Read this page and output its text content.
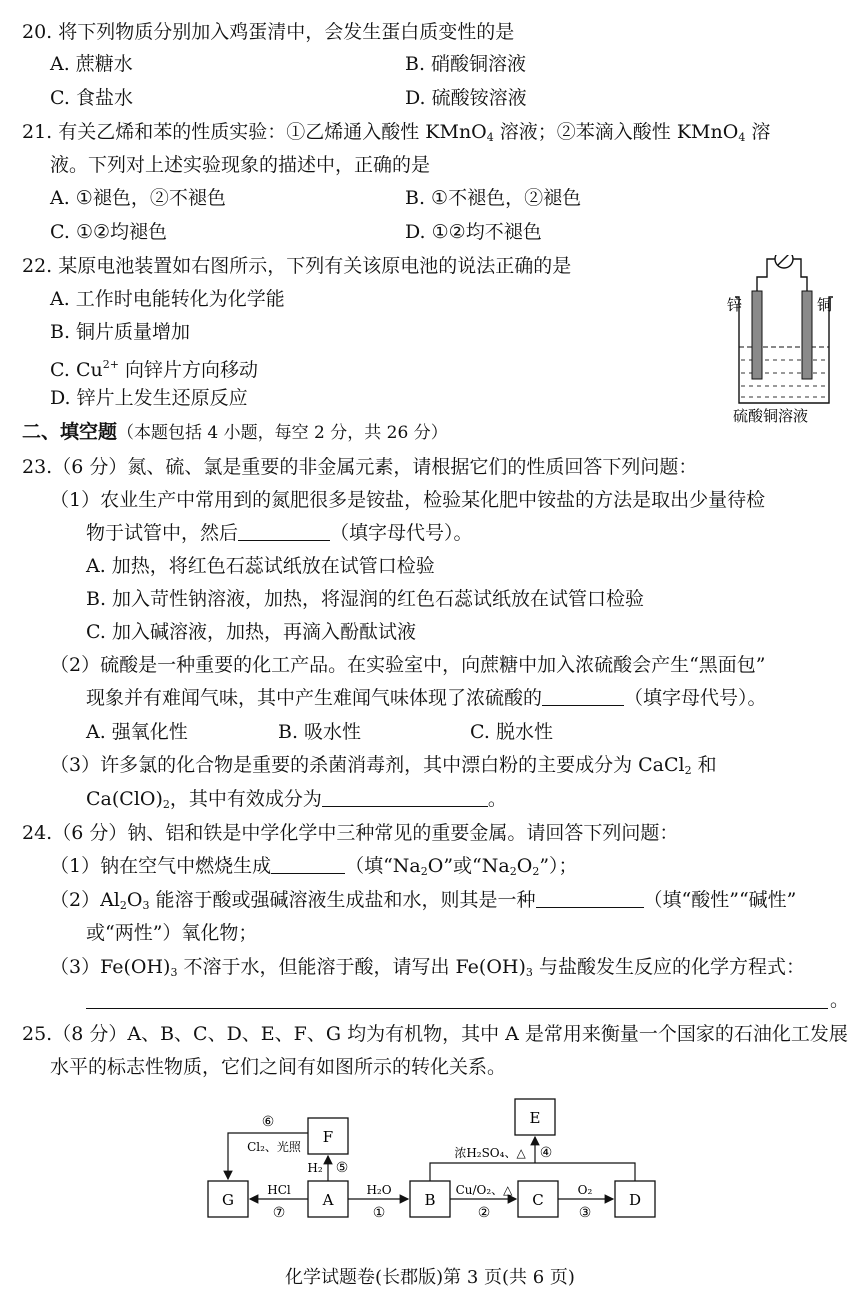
20. 将下列物质分别加入鸡蛋清中，会发生蛋白质变性的是
A. 蔗糖水	B. 硝酸铜溶液
C. 食盐水	D. 硫酸铵溶液
21. 有关乙烯和苯的性质实验：①乙烯通入酸性 KMnO$_4$ 溶液；②苯滴入酸性 KMnO$_4$ 溶
液。下列对上述实验现象的描述中，正确的是
A. ①褪色，②不褪色	B. ①不褪色，②褪色
C. ①②均褪色	D. ①②均不褪色
22. 某原电池装置如右图所示，下列有关该原电池的说法正确的是
A. 工作时电能转化为化学能
B. 铜片质量增加
C. $Cu^{2+}$ 向锌片方向移动
D. 锌片上发生还原反应
锌	铜
硫酸铜溶液
二、填空题（本题包括 4 小题，每空 2 分，共 26 分）
23.（6 分）氮、硫、氯是重要的非金属元素，请根据它们的性质回答下列问题：
（1）农业生产中常用到的氮肥很多是铵盐，检验某化肥中铵盐的方法是取出少量待检
物于试管中，然后	（填字母代号）。
A. 加热，将红色石蕊试纸放在试管口检验
B. 加入苛性钠溶液，加热，将湿润的红色石蕊试纸放在试管口检验
C. 加入碱溶液，加热，再滴入酚酞试液
（2）硫酸是一种重要的化工产品。在实验室中，向蔗糖中加入浓硫酸会产生“黑面包”
现象并有难闻气味，其中产生难闻气味体现了浓硫酸的	（填字母代号）。
A. 强氧化性	B. 吸水性	C. 脱水性
（3）许多氯的化合物是重要的杀菌消毒剂，其中漂白粉的主要成分为 CaCl$_2$ 和
$Ca(ClO)_2$，其中有效成分为	。
24.（6 分）钠、铝和铁是中学化学中三种常见的重要金属。请回答下列问题：
（1）钠在空气中燃烧生成	（填“$Na_2O$”或“$Na_2O_2$”）；
$(2)Al_2O_3$ 能溶于酸或强碱溶液生成盐和水，则其是一种	（填“酸性”“碱性”
或“两性”）氧化物；
$(3)Fe(OH)_3$ 不溶于水，但能溶于酸，请写出 $Fe(OH)_3$ 与盐酸发生反应的化学方程式：
。
25.（8 分）A、B、C、D、E、F、G 均为有机物，其中 A 是常用来衡量一个国家的石油化工发展
水平的标志性物质，它们之间有如图所示的转化关系。
G	A
F
B	C	D
E
H₂O
①
Cu/O₂、△
②
O₂
③
HCl
⑦
Cl₂、光照
⑥
H₂ ⑤
浓H₂SO₄、△ ④
化学试题卷(长郡版)第 3 页(共 6 页)
